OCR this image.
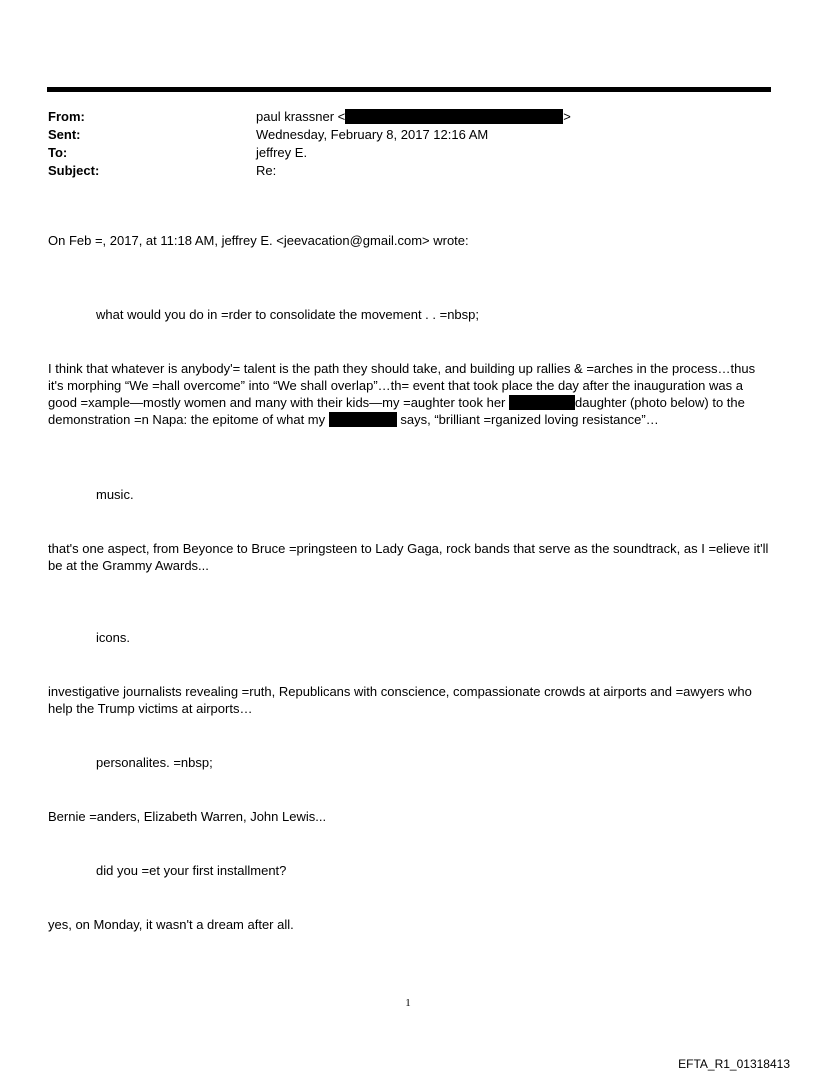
From:	paul krassner <	>
Sent:	Wednesday, February 8, 2017 12:16 AM
To:	jeffrey E.
Subject:	Re:
On Feb =, 2017, at 11:18 AM, jeffrey E. <jeevacation@gmail.com> wrote:
what would you do in =rder to consolidate the movement . . =nbsp;
I think that whatever is anybody'= talent is the path they should take, and building up rallies & =arches in the process…thus it's morphing “We =hall overcome” into “We shall overlap”…th= event that took place the day after the inauguration was a good =xample—mostly women and many with their kids—my =aughter took her	daughter (photo below) to the demonstration =n Napa: the epitome of what my	says, “brilliant =rganized loving resistance”…
music.
that's one aspect, from Beyonce to Bruce =pringsteen to Lady Gaga, rock bands that serve as the soundtrack, as I =elieve it'll be at the Grammy Awards...
icons.
investigative journalists revealing =ruth, Republicans with conscience, compassionate crowds at airports and =awyers who help the Trump victims at airports…
personalites. =nbsp;
Bernie =anders, Elizabeth Warren, John Lewis...
did you =et your first installment?
yes, on Monday, it wasn't a dream after all.
1
EFTA_R1_01318413
